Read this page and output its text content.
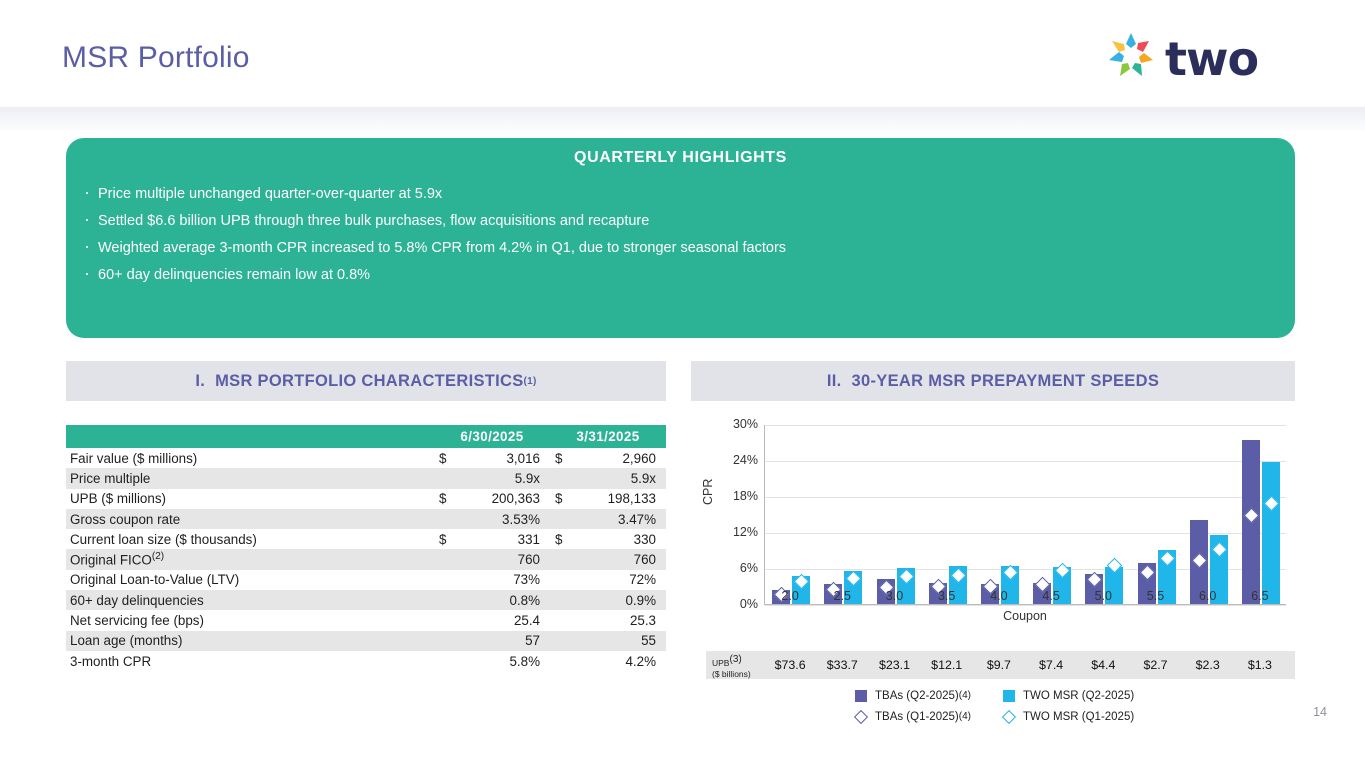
MSR Portfolio	two
QUARTERLY HIGHLIGHTS
· Price multiple unchanged quarter-over-quarter at 5.9x
· Settled $6.6 billion UPB through three bulk purchases, flow acquisitions and recapture
· Weighted average 3-month CPR increased to 5.8% CPR from 4.2% in Q1, due to stronger seasonal factors
· 60+ day delinquencies remain low at 0.8%
I. MSR PORTFOLIO CHARACTERISTICS (1)	II. 30-YEAR MSR PREPAYMENT SPEEDS
	6/30/2025		3/31/2025	
Fair value ($ millions)	$	3,016	$	2,960
Price multiple		5.9x		5.9x
UPB ($ millions)	$	200,363	$	198,133
Gross coupon rate		3.53%		3.47%
Current loan size ($ thousands)	$	331	$	330
Original FICO$^{(2)}$		760		760
Original Loan-to-Value (LTV)		73%		72%
60+ day delinquencies		0.8%		0.9%
Net servicing fee (bps)		25.4		25.3
Loan age (months)		57		55
3-month CPR		5.8%		4.2%
CPR
0%
6%
12%
18%
24%
30%
Coupon
2.0	2.5	3.0	3.5	4.0	4.5	5.0	5.5	6.0	6.5
UPB(3)
($ billions)
$73.6	$33.7	$23.1	$12.1	$9.7	$7.4	$4.4	$2.7	$2.3	$1.3
TBAs (Q2-2025) (4)	TWO MSR (Q2-2025)
TBAs (Q1-2025) (4)	TWO MSR (Q1-2025)	14
